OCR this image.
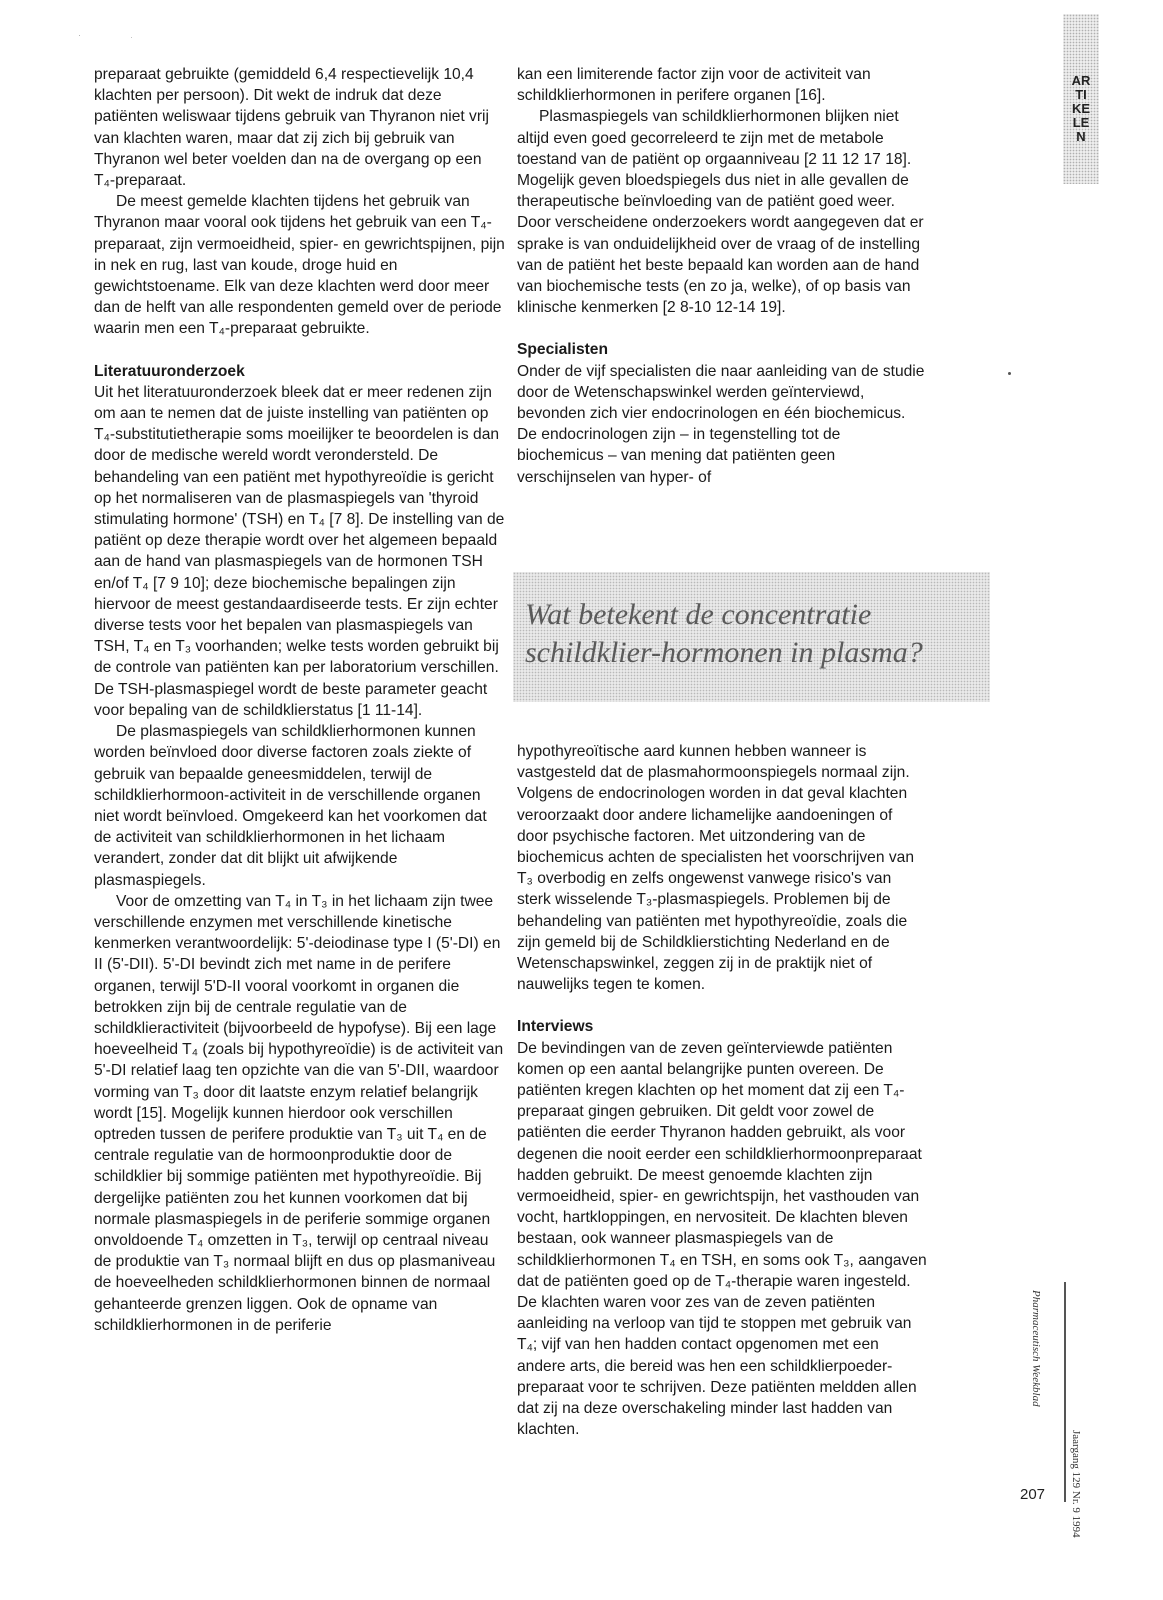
·	·

preparaat gebruikte (gemiddeld 6,4 respectievelijk 10,4 klachten per persoon). Dit wekt de indruk dat deze patiënten weliswaar tijdens gebruik van Thyranon niet vrij van klachten waren, maar dat zij zich bij gebruik van Thyranon wel beter voelden dan na de overgang op een T₄-preparaat.

De meest gemelde klachten tijdens het gebruik van Thyranon maar vooral ook tijdens het gebruik van een T₄-preparaat, zijn vermoeidheid, spier- en gewrichtspijnen, pijn in nek en rug, last van koude, droge huid en gewichtstoename. Elk van deze klachten werd door meer dan de helft van alle respondenten gemeld over de periode waarin men een T₄-preparaat gebruikte.

Literatuuronderzoek

Uit het literatuuronderzoek bleek dat er meer redenen zijn om aan te nemen dat de juiste instelling van patiënten op T₄-substitutietherapie soms moeilijker te beoordelen is dan door de medische wereld wordt verondersteld. De behandeling van een patiënt met hypothyreoïdie is gericht op het normaliseren van de plasmaspiegels van 'thyroid stimulating hormone' (TSH) en T₄ [7 8]. De instelling van de patiënt op deze therapie wordt over het algemeen bepaald aan de hand van plasmaspiegels van de hormonen TSH en/of T₄ [7 9 10]; deze biochemische bepalingen zijn hiervoor de meest gestandaardiseerde tests. Er zijn echter diverse tests voor het bepalen van plasmaspiegels van TSH, T₄ en T₃ voorhanden; welke tests worden gebruikt bij de controle van patiënten kan per laboratorium verschillen. De TSH-plasmaspiegel wordt de beste parameter geacht voor bepaling van de schildklierstatus [1 11-14].

De plasmaspiegels van schildklierhormonen kunnen worden beïnvloed door diverse factoren zoals ziekte of gebruik van bepaalde geneesmiddelen, terwijl de schildklierhormoon-activiteit in de verschillende organen niet wordt beïnvloed. Omgekeerd kan het voorkomen dat de activiteit van schildklierhormonen in het lichaam verandert, zonder dat dit blijkt uit afwijkende plasmaspiegels.

Voor de omzetting van T₄ in T₃ in het lichaam zijn twee verschillende enzymen met verschillende kinetische kenmerken verantwoordelijk: 5'-deiodinase type I (5'-DI) en II (5'-DII). 5'-DI bevindt zich met name in de perifere organen, terwijl 5'D-II vooral voorkomt in organen die betrokken zijn bij de centrale regulatie van de schildklieractiviteit (bijvoorbeeld de hypofyse). Bij een lage hoeveelheid T₄ (zoals bij hypothyreoïdie) is de activiteit van 5'-DI relatief laag ten opzichte van die van 5'-DII, waardoor vorming van T₃ door dit laatste enzym relatief belangrijk wordt [15]. Mogelijk kunnen hierdoor ook verschillen optreden tussen de perifere produktie van T₃ uit T₄ en de centrale regulatie van de hormoonproduktie door de schildklier bij sommige patiënten met hypothyreoïdie. Bij dergelijke patiënten zou het kunnen voorkomen dat bij normale plasmaspiegels in de periferie sommige organen onvoldoende T₄ omzetten in T₃, terwijl op centraal niveau de produktie van T₃ normaal blijft en dus op plasmaniveau de hoeveelheden schildklierhormonen binnen de normaal gehanteerde grenzen liggen. Ook de opname van schildklierhormonen in de periferie

kan een limiterende factor zijn voor de activiteit van schildklierhormonen in perifere organen [16].

Plasmaspiegels van schildklierhormonen blijken niet altijd even goed gecorreleerd te zijn met de metabole toestand van de patiënt op orgaanniveau [2 11 12 17 18]. Mogelijk geven bloedspiegels dus niet in alle gevallen de therapeutische beïnvloeding van de patiënt goed weer. Door verscheidene onderzoekers wordt aangegeven dat er sprake is van onduidelijkheid over de vraag of de instelling van de patiënt het beste bepaald kan worden aan de hand van biochemische tests (en zo ja, welke), of op basis van klinische kenmerken [2 8-10 12-14 19].

Specialisten

Onder de vijf specialisten die naar aanleiding van de studie door de Wetenschapswinkel werden geïnterviewd, bevonden zich vier endocrinologen en één biochemicus. De endocrinologen zijn – in tegenstelling tot de biochemicus – van mening dat patiënten geen verschijnselen van hyper- of

Wat betekent de concentratie schildklier-hormonen in plasma?

hypothyreoïtische aard kunnen hebben wanneer is vastgesteld dat de plasmahormoonspiegels normaal zijn. Volgens de endocrinologen worden in dat geval klachten veroorzaakt door andere lichamelijke aandoeningen of door psychische factoren. Met uitzondering van de biochemicus achten de specialisten het voorschrijven van T₃ overbodig en zelfs ongewenst vanwege risico's van sterk wisselende T₃-plasmaspiegels. Problemen bij de behandeling van patiënten met hypothyreoïdie, zoals die zijn gemeld bij de Schildklierstichting Nederland en de Wetenschapswinkel, zeggen zij in de praktijk niet of nauwelijks tegen te komen.

Interviews

De bevindingen van de zeven geïnterviewde patiënten komen op een aantal belangrijke punten overeen. De patiënten kregen klachten op het moment dat zij een T₄-preparaat gingen gebruiken. Dit geldt voor zowel de patiënten die eerder Thyranon hadden gebruikt, als voor degenen die nooit eerder een schildklierhormoonpreparaat hadden gebruikt. De meest genoemde klachten zijn vermoeidheid, spier- en gewrichtspijn, het vasthouden van vocht, hartkloppingen, en nervositeit. De klachten bleven bestaan, ook wanneer plasmaspiegels van de schildklierhormonen T₄ en TSH, en soms ook T₃, aangaven dat de patiënten goed op de T₄-therapie waren ingesteld. De klachten waren voor zes van de zeven patiënten aanleiding na verloop van tijd te stoppen met gebruik van T₄; vijf van hen hadden contact opgenomen met een andere arts, die bereid was hen een schildklierpoeder-preparaat voor te schrijven. Deze patiënten meldden allen dat zij na deze overschakeling minder last hadden van klachten.

ARTIKELEN
Pharmaceutisch Weekblad
Jaargang 129 Nr. 9 1994
207
